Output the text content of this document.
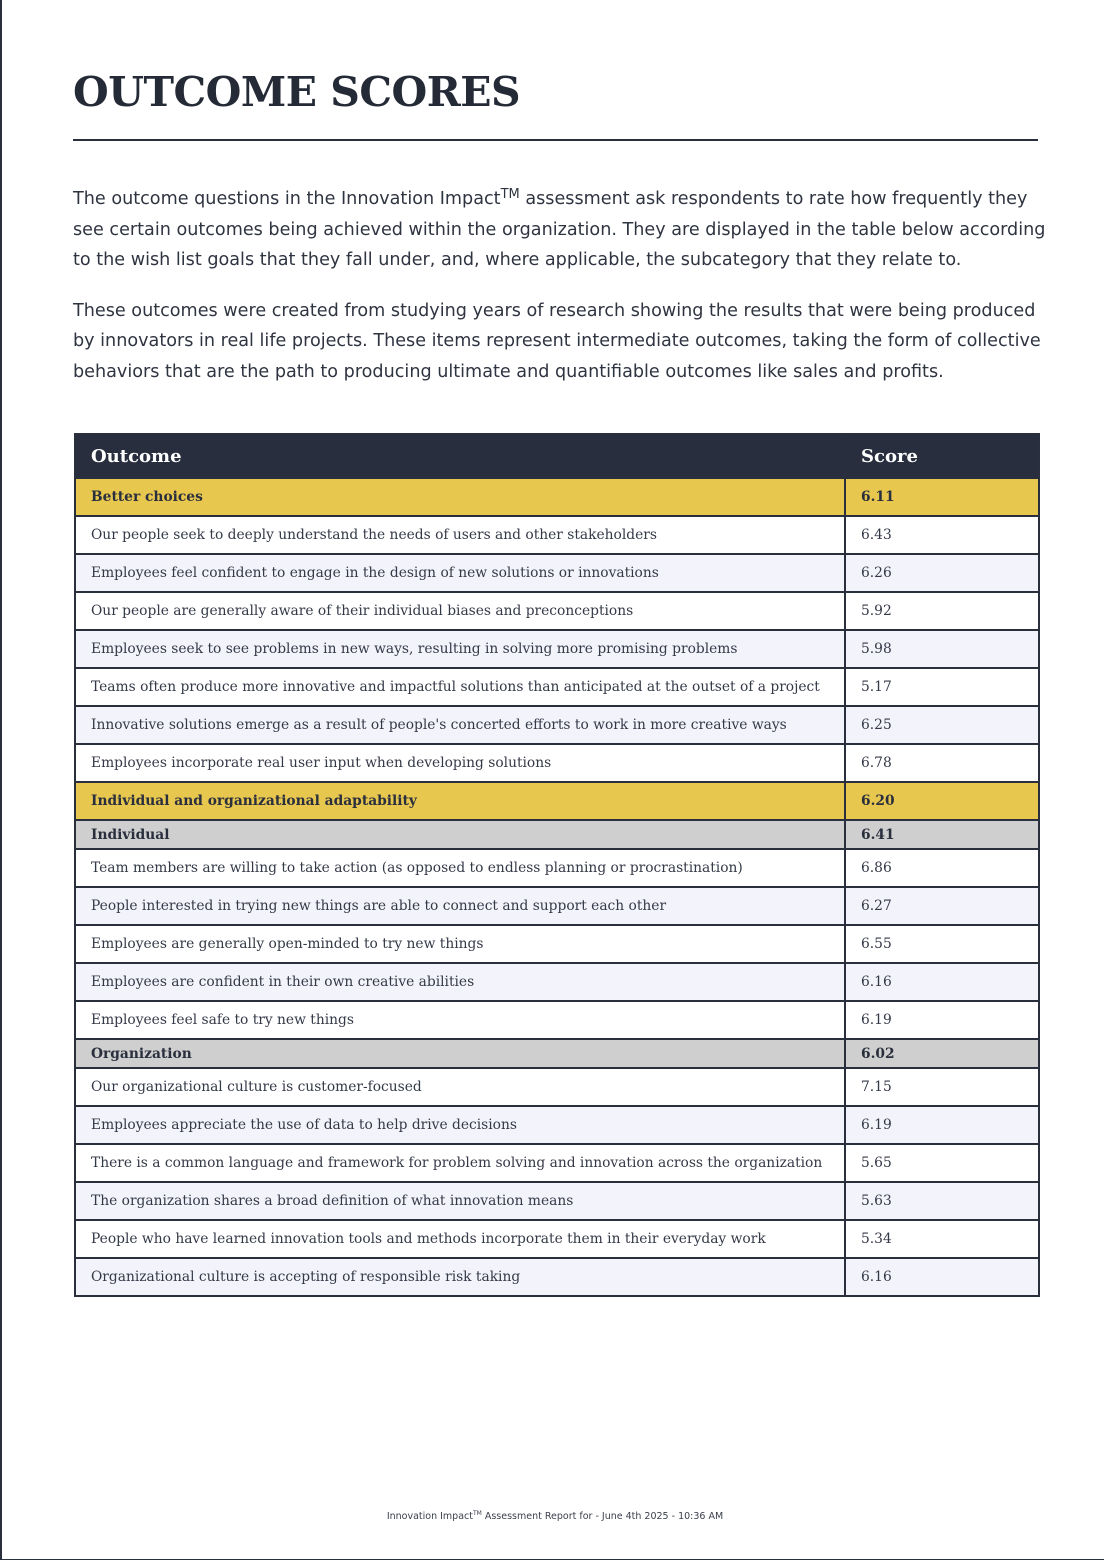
OUTCOME SCORES

The outcome questions in the Innovation Impact™ assessment ask respondents to rate how frequently they see certain outcomes being achieved within the organization. They are displayed in the table below according to the wish list goals that they fall under, and, where applicable, the subcategory that they relate to.

These outcomes were created from studying years of research showing the results that were being produced by innovators in real life projects. These items represent intermediate outcomes, taking the form of collective behaviors that are the path to producing ultimate and quantifiable outcomes like sales and profits.

Outcome	Score
Better choices	6.11
Our people seek to deeply understand the needs of users and other stakeholders	6.43
Employees feel confident to engage in the design of new solutions or innovations	6.26
Our people are generally aware of their individual biases and preconceptions	5.92
Employees seek to see problems in new ways, resulting in solving more promising problems	5.98
Teams often produce more innovative and impactful solutions than anticipated at the outset of a project	5.17
Innovative solutions emerge as a result of people's concerted efforts to work in more creative ways	6.25
Employees incorporate real user input when developing solutions	6.78
Individual and organizational adaptability	6.20
Individual	6.41
Team members are willing to take action (as opposed to endless planning or procrastination)	6.86
People interested in trying new things are able to connect and support each other	6.27
Employees are generally open-minded to try new things	6.55
Employees are confident in their own creative abilities	6.16
Employees feel safe to try new things	6.19
Organization	6.02
Our organizational culture is customer-focused	7.15
Employees appreciate the use of data to help drive decisions	6.19
There is a common language and framework for problem solving and innovation across the organization	5.65
The organization shares a broad definition of what innovation means	5.63
People who have learned innovation tools and methods incorporate them in their everyday work	5.34
Organizational culture is accepting of responsible risk taking	6.16
Innovation Impact™ Assessment Report for - June 4th 2025 - 10:36 AM
